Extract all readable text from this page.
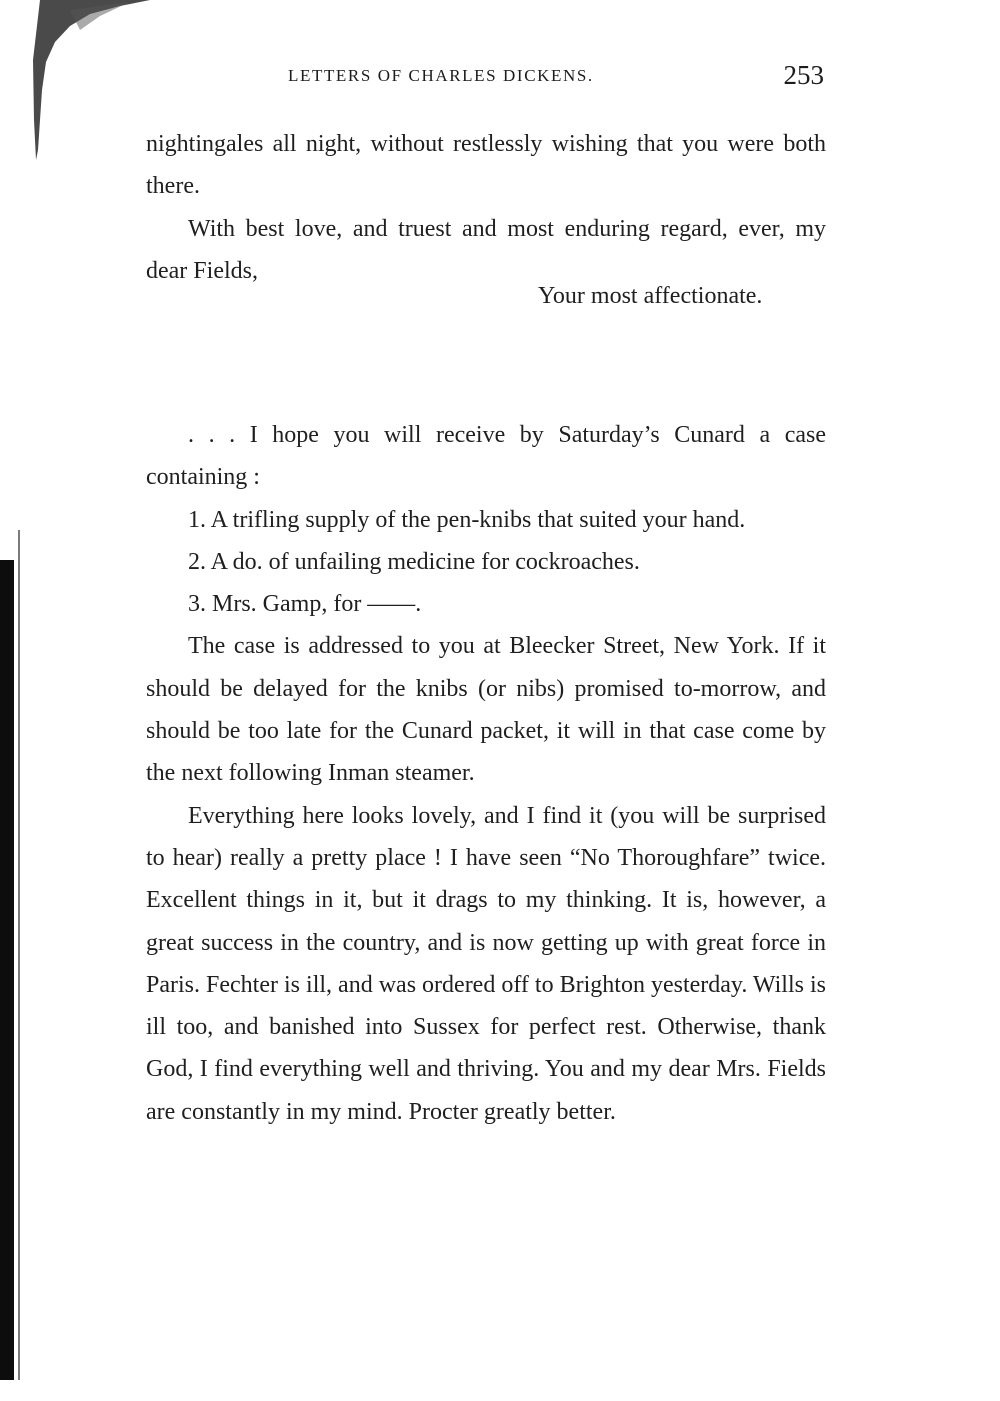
LETTERS OF CHARLES DICKENS.	253

nightingales all night, without restlessly wishing that you were both there.

With best love, and truest and most enduring regard, ever, my dear Fields,

Your most affectionate.

. . . I hope you will receive by Saturday’s Cunard a case containing :

1. A trifling supply of the pen-knibs that suited your hand.

2. A do. of unfailing medicine for cockroaches.

3. Mrs. Gamp, for ——.

The case is addressed to you at Bleecker Street, New York. If it should be delayed for the knibs (or nibs) promised to-morrow, and should be too late for the Cunard packet, it will in that case come by the next following Inman steamer.

Everything here looks lovely, and I find it (you will be surprised to hear) really a pretty place ! I have seen “No Thoroughfare” twice. Excellent things in it, but it drags to my thinking. It is, however, a great success in the country, and is now getting up with great force in Paris. Fechter is ill, and was ordered off to Brighton yesterday. Wills is ill too, and banished into Sussex for perfect rest. Otherwise, thank God, I find everything well and thriving. You and my dear Mrs. Fields are constantly in my mind. Procter greatly better.
